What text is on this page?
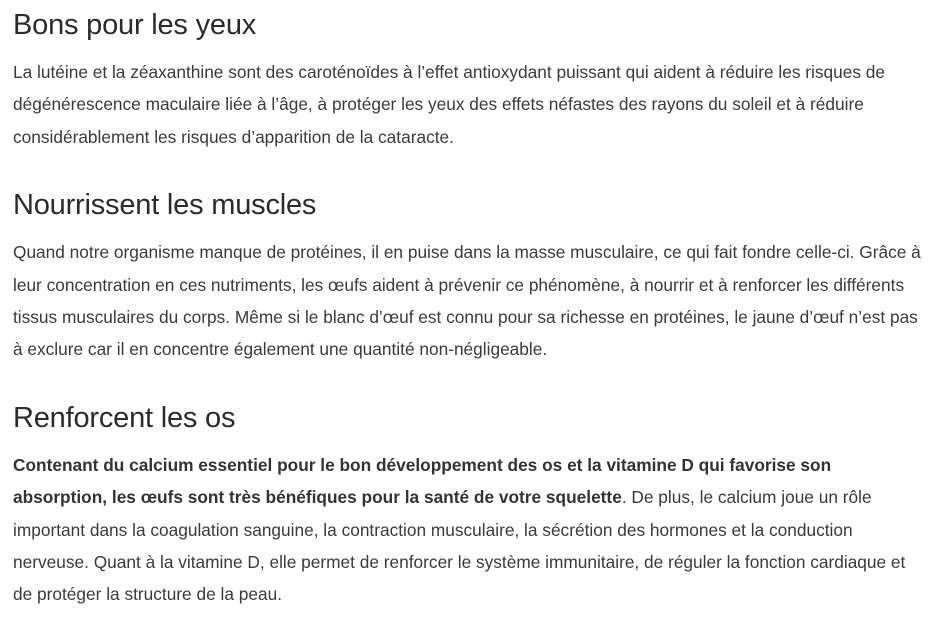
Bons pour les yeux

La lutéine et la zéaxanthine sont des caroténoïdes à l’effet antioxydant puissant qui aident à réduire les risques de dégénérescence maculaire liée à l’âge, à protéger les yeux des effets néfastes des rayons du soleil et à réduire considérablement les risques d’apparition de la cataracte.

Nourrissent les muscles

Quand notre organisme manque de protéines, il en puise dans la masse musculaire, ce qui fait fondre celle-ci. Grâce à leur concentration en ces nutriments, les œufs aident à prévenir ce phénomène, à nourrir et à renforcer les différents tissus musculaires du corps. Même si le blanc d’œuf est connu pour sa richesse en protéines, le jaune d’œuf n’est pas à exclure car il en concentre également une quantité non-négligeable.

Renforcent les os

Contenant du calcium essentiel pour le bon développement des os et la vitamine D qui favorise son absorption, les œufs sont très bénéfiques pour la santé de votre squelette. De plus, le calcium joue un rôle important dans la coagulation sanguine, la contraction musculaire, la sécrétion des hormones et la conduction nerveuse. Quant à la vitamine D, elle permet de renforcer le système immunitaire, de réguler la fonction cardiaque et de protéger la structure de la peau.
